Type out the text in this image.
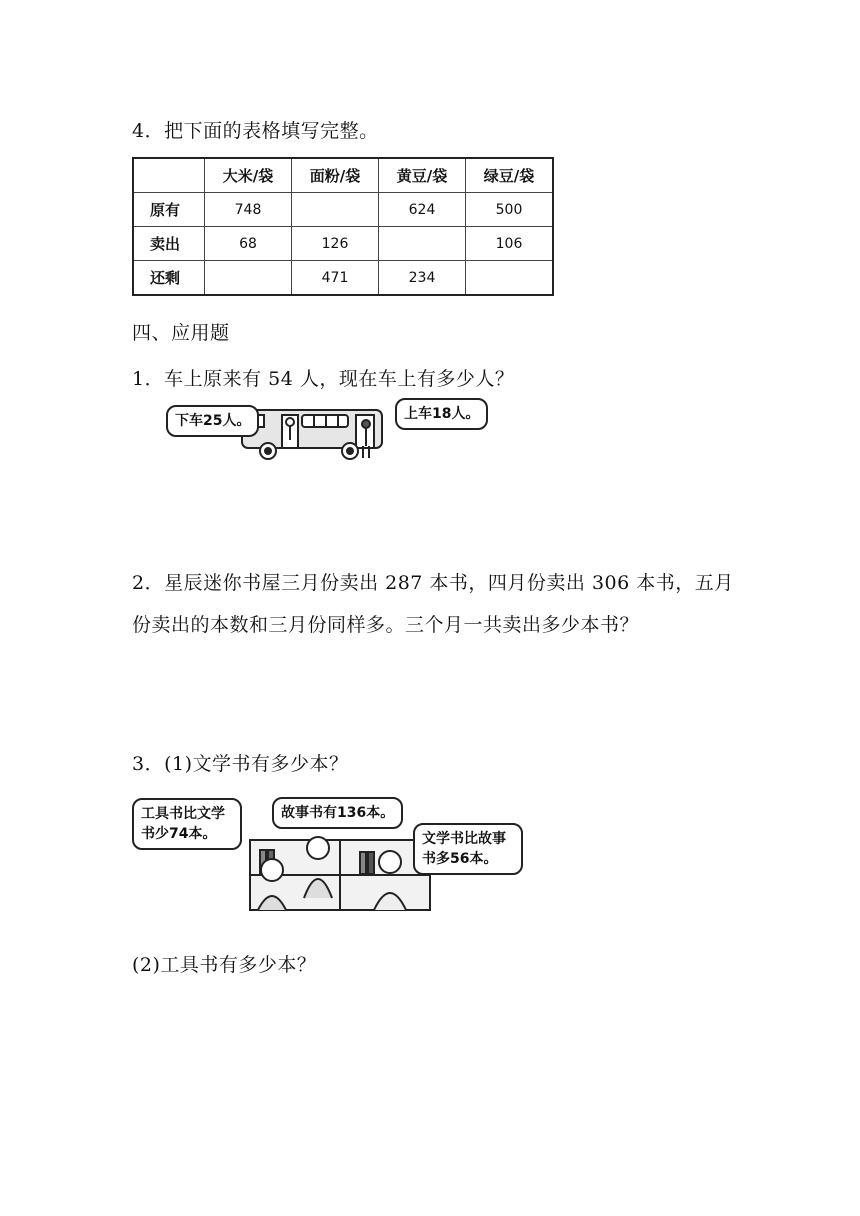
4．把下面的表格填写完整。
	大米/袋	面粉/袋	黄豆/袋	绿豆/袋
原有	748		624	500
卖出	68	126		106
还剩		471	234	
四、应用题
1．车上原来有 54 人，现在车上有多少人？
下车25人。	上车18人。
2．星辰迷你书屋三月份卖出 287 本书，四月份卖出 306 本书，五月
份卖出的本数和三月份同样多。三个月一共卖出多少本书？
3．(1)文学书有多少本？
工具书比文学书少74本。
故事书有136本。
文学书比故事书多56本。
(2)工具书有多少本？
